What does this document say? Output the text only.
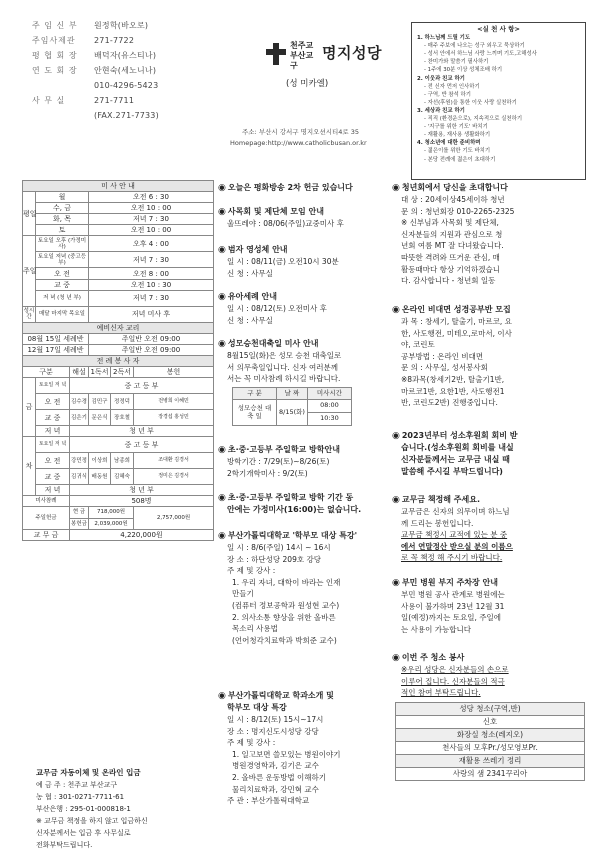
주 임 신 부	원정학(바오로)
주임사제관	271-7722
평 협 회 장	배덕자(유스티나)
연 도 회 장	안현숙(세노니나)
010-4296-5423
사 무 실	271-7711
(FAX.271-7733)
천주교
부산교구
명지성당
(성 미카엘)
주소: 부산시 강서구 명지오션시티4로 35
Homepage:http://www.catholicbusan.or.kr
<실 천 사 항>
1. 하느님께 드릴 기도
- 매주 주보에 나오는 성구 외우고 묵상하기
- 성서 안에서 하느님 사랑 느끼며 기도,고해성사
- 찬미가와 말씀기 필사하기
- 1주에 30분 이상 성체조배 하기
2. 이웃과 친교 하기
- 전 신자 먼저 인사하기
- 구역, 반 참석 하기
- 자선(후원)을 통한 이웃 사랑 실천하기
3. 세상과 친교 하기
- 직직 (환경운으로), 지속적으로 실천하기
- '지구를 위한 기도' 바치기
- 재활용, 재사용 생활화하기
4. 청소년에 대한 준비하며
- 젊은이를 위한 기도 바치기
- 본당 전례에 젊은이 초대하기
미 사 안 내					
평일	월		오전 6 : 30		
	수, 금		오전 10 : 00		
	화, 목		저녁 7 : 30		
	토		오전 10 : 00		
주일	토요일 오후 (가정미사)		오후 4 : 00		
	토요일 저녁 (중고등부)		저녁 7 : 30		
	오 전		오전 8 : 00		
	교 중		오전 10 : 30		
	저 녁 (청 년 부)		저녁 7 : 30		
성시 간	매달 마지막 목요일		저녁 미사 후		
예비신자 교리					
08월 15일 세례반			주일반 오전 09:00		
12월 17일 세례반			주일반 오전 09:00		
전 례 봉 사 자					
구분		해설	1독서	2독서	봉헌
금	토요일 저 녁	중 고 등 부			
	오 전	김수경	김민구	정정덕	전병희 이혜민
	교 중	김은기	문은식	장호철	장경섭 홍성민
	저 녁	청 년 부			
차	토요일 저 녁	중 고 등 부			
	오 전	강민정	이상희	남종희	조대환 김경서
	교 중	김귀식	배동원	김혜숙	정미은 김경서
	저 녁	청 년 부			
미사참례		508명			
주일헌금		현 금	718,000원		2,757,000원
		봉헌금	2,039,000원		
교 무 금		4,220,000원			
교무금 자동이체 및 온라인 입금
예 금 주 : 천주교 부산교구
농 협 : 301-0271-7711-61
부산은행 : 295-01-000818-1
※ 교무금 책정을 하지 않고 입금하신
신자분께서는 입금 후 사무실로
전화부탁드립니다.
◉ 오늘은 평화방송 2차 헌금 있습니다
◉ 사목회 및 제단체 모임 안내
울뜨레야 : 08/06(주일)교중미사 후
◉ 범자 영성체 안내
일 시 : 08/11(금) 오전10시 30분
신 청 : 사무실
◉ 유아세례 안내
일 시 : 08/12(토) 오전미사 후
신 청 : 사무실
◉ 성모승천대축일 미사 안내
8월15일(화)은 성모 승천 대축일로
서 의무축일입니다. 신자 여러분께
서는 꼭 미사참례 하시길 바랍니다.
구 분	날 짜	미사시간
성모승천 대 축 일	8/15(화)	08:00
		10:30
◉ 초·중·고등부 주일학교 방학안내
방학기간 : 7/29(토)~8/26(토)
2학기개학미사 : 9/2(토)
◉ 초·중·고등부 주일학교 방학 기간 동
안에는 가정미사(16:00)는 없습니다.
◉ 부산가톨릭대학교 '학부모 대상 특강'
일 시 : 8/6(주일) 14시 ~ 16시
장 소 : 하단성당 209호 강당
주 제 및 강사 :
1. 우리 자녀, 대학이 바라는 인재
만들기
(컴퓨터 정보공학과 원성현 교수)
2. 의사소통 향상을 위한 올바른
목소리 사용법
(언어청각치료학과 박희준 교수)
◉ 부산가톨릭대학교 학과소개 및
학부모 대상 특강
일 시 : 8/12(토) 15시~17시
장 소 : 명지신도시성당 강당
주 제 및 강사 :
1. 일고보면 쓸모있는 병원이야기
병원경영학과, 김기은 교수
2. 올바른 운동방법 이해하기
물리치료학과, 강민혁 교수
주 관 : 부산가톨릭대학교
◉ 청년회에서 당신을 초대합니다
대 상 : 20세이상45세이하 청년
문 의 : 청년회장 010-2265-2325
※ 신부님과 사목회 및 제단체,
신자분들의 지원과 관심으로 청
년회 여름 MT 잘 다녀왔습니다.
따뜻한 격려와 뜨거운 관심, 매
활동때마다 항상 기억하겠습니
다. 감사합니다 - 청년회 일동
◉ 온라인 비대면 성경공부반 모집
과 목 : 창세기, 탈출기, 마르코, 요
한, 사도행전, 미테오,로마서, 이사
야, 코린토
공부방법 : 온라인 비대면
문 의 : 사무실, 성서봉사회
※8과목(창세기2반, 탈출기1반,
마르코1반, 요한1반, 사도행전1
반, 코린도2반) 진행중입니다.
◉ 2023년부터 성소후원회 회비 받
습니다.(성소후원회 회비를 내실
신자분들께서는 교무금 내실 때
말씀해 주시길 부탁드립니다)
◉ 교무금 책정해 주세요.
교무금은 신자의 의무이며 하느님
께 드리는 봉헌입니다.
교무금 책정시 교적에 있는 분 중
에서 연말정산 받으실 분의 이름으
로 꼭 책정 해 주시기 바랍니다.
◉ 부민 병원 부지 주차장 안내
부민 병원 공사 관계로 병원에는
사용이 불가하며 23년 12월 31
일(예정)까지는 토요일, 주일에
는 사용이 가능합니다
◉ 이번 주 청소 봉사
※우리 성당은 신자분들의 손으로
이루어 집니다. 신자분들의 적극
적인 참여 부탁드립니다.
성당 청소(구역,반)
신호
화장실 청소(레지오)
천사들의 모후Pr./성모영보Pr.
재활용 쓰레기 정리
사랑의 샘 2341꾸리아
